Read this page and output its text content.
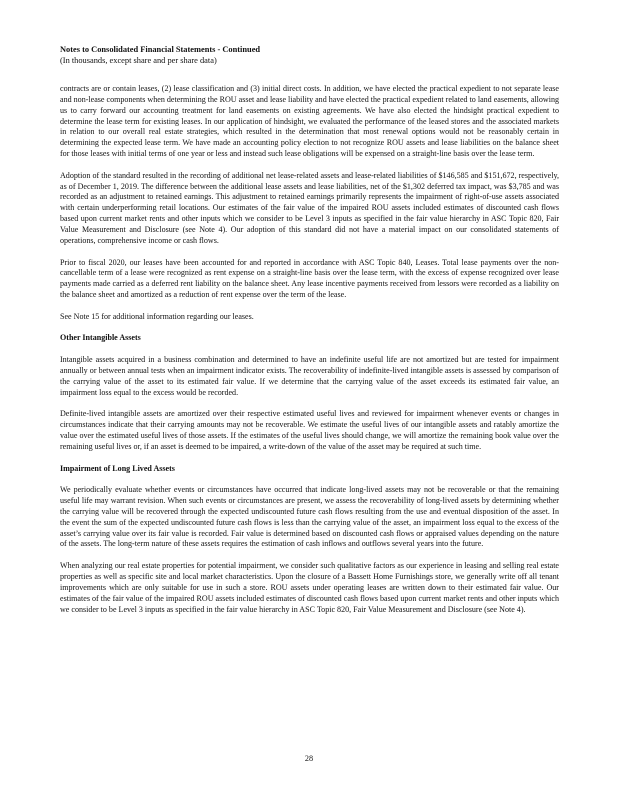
Notes to Consolidated Financial Statements - Continued
(In thousands, except share and per share data)

contracts are or contain leases, (2) lease classification and (3) initial direct costs. In addition, we have elected the practical expedient to not separate lease and non-lease components when determining the ROU asset and lease liability and have elected the practical expedient related to land easements, allowing us to carry forward our accounting treatment for land easements on existing agreements. We have also elected the hindsight practical expedient to determine the lease term for existing leases. In our application of hindsight, we evaluated the performance of the leased stores and the associated markets in relation to our overall real estate strategies, which resulted in the determination that most renewal options would not be reasonably certain in determining the expected lease term. We have made an accounting policy election to not recognize ROU assets and lease liabilities on the balance sheet for those leases with initial terms of one year or less and instead such lease obligations will be expensed on a straight-line basis over the lease term.

Adoption of the standard resulted in the recording of additional net lease-related assets and lease-related liabilities of $146,585 and $151,672, respectively, as of December 1, 2019. The difference between the additional lease assets and lease liabilities, net of the $1,302 deferred tax impact, was $3,785 and was recorded as an adjustment to retained earnings. This adjustment to retained earnings primarily represents the impairment of right-of-use assets associated with certain underperforming retail locations. Our estimates of the fair value of the impaired ROU assets included estimates of discounted cash flows based upon current market rents and other inputs which we consider to be Level 3 inputs as specified in the fair value hierarchy in ASC Topic 820, Fair Value Measurement and Disclosure (see Note 4). Our adoption of this standard did not have a material impact on our consolidated statements of operations, comprehensive income or cash flows.

Prior to fiscal 2020, our leases have been accounted for and reported in accordance with ASC Topic 840, Leases. Total lease payments over the non-cancellable term of a lease were recognized as rent expense on a straight-line basis over the lease term, with the excess of expense recognized over lease payments made carried as a deferred rent liability on the balance sheet. Any lease incentive payments received from lessors were recorded as a liability on the balance sheet and amortized as a reduction of rent expense over the term of the lease.

See Note 15 for additional information regarding our leases.

Other Intangible Assets

Intangible assets acquired in a business combination and determined to have an indefinite useful life are not amortized but are tested for impairment annually or between annual tests when an impairment indicator exists. The recoverability of indefinite-lived intangible assets is assessed by comparison of the carrying value of the asset to its estimated fair value. If we determine that the carrying value of the asset exceeds its estimated fair value, an impairment loss equal to the excess would be recorded.

Definite-lived intangible assets are amortized over their respective estimated useful lives and reviewed for impairment whenever events or changes in circumstances indicate that their carrying amounts may not be recoverable. We estimate the useful lives of our intangible assets and ratably amortize the value over the estimated useful lives of those assets. If the estimates of the useful lives should change, we will amortize the remaining book value over the remaining useful lives or, if an asset is deemed to be impaired, a write-down of the value of the asset may be required at such time.

Impairment of Long Lived Assets

We periodically evaluate whether events or circumstances have occurred that indicate long-lived assets may not be recoverable or that the remaining useful life may warrant revision. When such events or circumstances are present, we assess the recoverability of long-lived assets by determining whether the carrying value will be recovered through the expected undiscounted future cash flows resulting from the use and eventual disposition of the asset. In the event the sum of the expected undiscounted future cash flows is less than the carrying value of the asset, an impairment loss equal to the excess of the asset’s carrying value over its fair value is recorded. Fair value is determined based on discounted cash flows or appraised values depending on the nature of the assets. The long-term nature of these assets requires the estimation of cash inflows and outflows several years into the future.

When analyzing our real estate properties for potential impairment, we consider such qualitative factors as our experience in leasing and selling real estate properties as well as specific site and local market characteristics. Upon the closure of a Bassett Home Furnishings store, we generally write off all tenant improvements which are only suitable for use in such a store. ROU assets under operating leases are written down to their estimated fair value. Our estimates of the fair value of the impaired ROU assets included estimates of discounted cash flows based upon current market rents and other inputs which we consider to be Level 3 inputs as specified in the fair value hierarchy in ASC Topic 820, Fair Value Measurement and Disclosure (see Note 4).

28
